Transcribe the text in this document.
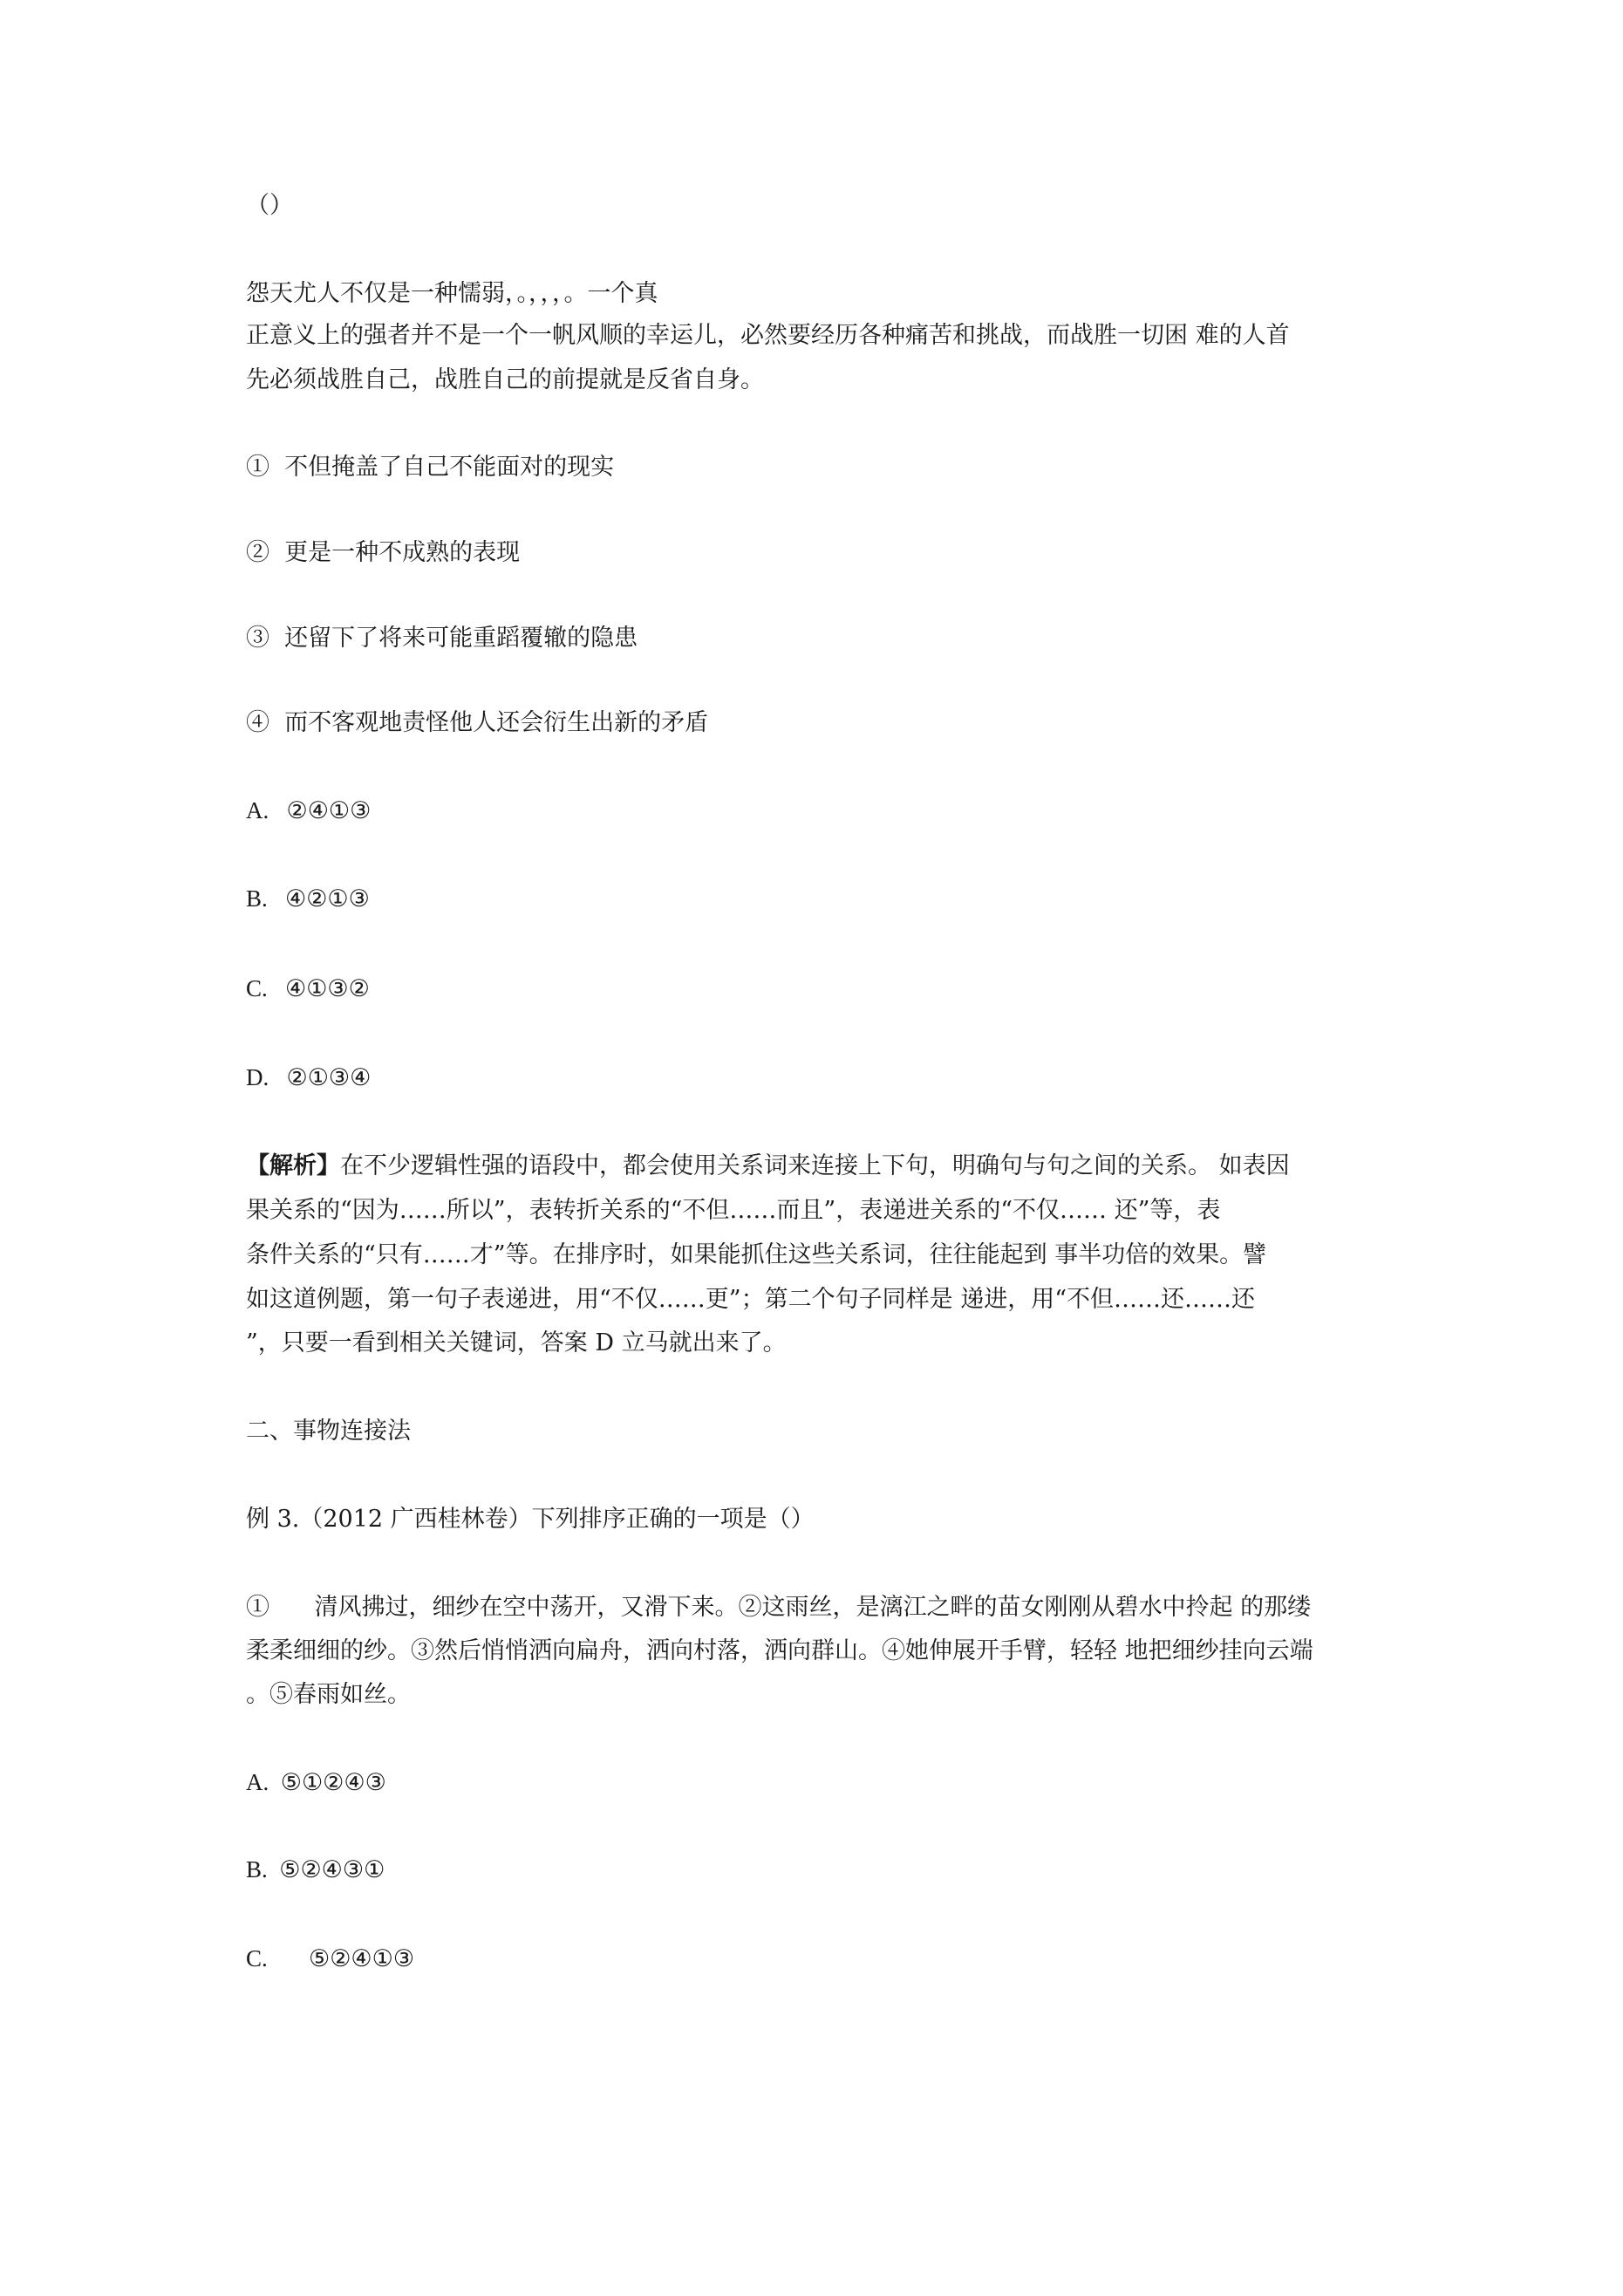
（）
怨天尤人不仅是一种懦弱，。，，，。一个真
正意义上的强者并不是一个一帆风顺的幸运儿，必然要经历各种痛苦和挑战，而战胜一切困 难的人首
先必须战胜自己，战胜自己的前提就是反省自身。
①  不但掩盖了自己不能面对的现实
②  更是一种不成熟的表现
③  还留下了将来可能重蹈覆辙的隐患
④  而不客观地责怪他人还会衍生出新的矛盾
A.   ②④①③
B.   ④②①③
C.   ④①③②
D.   ②①③④
【解析】在不少逻辑性强的语段中，都会使用关系词来连接上下句，明确句与句之间的关系。 如表因
果关系的“因为……所以”，表转折关系的“不但……而且”，表递进关系的“不仅…… 还”等，表
条件关系的“只有……才”等。在排序时，如果能抓住这些关系词，往往能起到 事半功倍的效果。譬
如这道例题，第一句子表递进，用“不仅……更”；第二个句子同样是 递进，用“不但……还……还
”，只要一看到相关关键词，答案 D 立马就出来了。
二、事物连接法
例 3.（2012 广西桂林卷）下列排序正确的一项是（）
①      清风拂过，细纱在空中荡开，又滑下来。②这雨丝，是漓江之畔的苗女刚刚从碧水中拎起 的那缕
柔柔细细的纱。③然后悄悄洒向扁舟，洒向村落，洒向群山。④她伸展开手臂，轻轻 地把细纱挂向云端
。⑤春雨如丝。
A.  ⑤①②④③
B.  ⑤②④③①
C.       ⑤②④①③
